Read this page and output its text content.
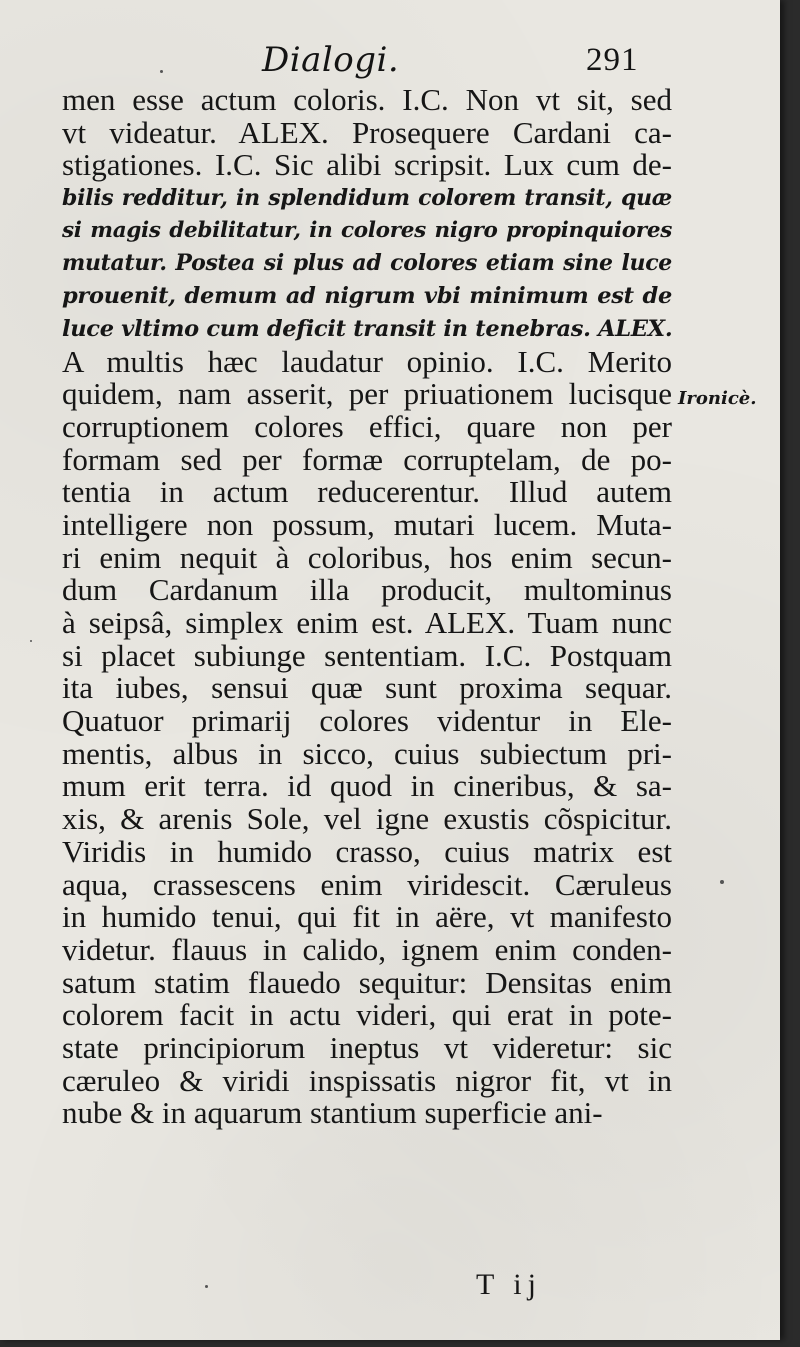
Dialogi.	291
men esse actum coloris. I.C. Non vt sit, sed
vt videatur. ALEX. Prosequere Cardani ca-
stigationes. I.C. Sic alibi scripsit. Lux cum de-
bilis redditur, in splendidum colorem transit, quæ
si magis debilitatur, in colores nigro propinquiores
mutatur. Postea si plus ad colores etiam sine luce
prouenit, demum ad nigrum vbi minimum est de
luce vltimo cum deficit transit in tenebras. ALEX.
A multis hæc laudatur opinio. I.C. Merito
quidem, nam asserit, per priuationem lucisque
corruptionem colores effici, quare non per
formam sed per formæ corruptelam, de po-
tentia in actum reducerentur. Illud autem
intelligere non possum, mutari lucem. Muta-
ri enim nequit à coloribus, hos enim secun-
dum Cardanum illa producit, multominus
à seipsâ, simplex enim est. ALEX. Tuam nunc
si placet subiunge sententiam. I.C. Postquam
ita iubes, sensui quæ sunt proxima sequar.
Quatuor primarij colores videntur in Ele-
mentis, albus in sicco, cuius subiectum pri-
mum erit terra. id quod in cineribus, & sa-
xis, & arenis Sole, vel igne exustis cõspicitur.
Viridis in humido crasso, cuius matrix est
aqua, crassescens enim viridescit. Cæruleus
in humido tenui, qui fit in aëre, vt manifesto
videtur. flauus in calido, ignem enim conden-
satum statim flauedo sequitur: Densitas enim
colorem facit in actu videri, qui erat in pote-
state principiorum ineptus vt videretur: sic
cæruleo & viridi inspissatis nigror fit, vt in
nube & in aquarum stantium superficie ani-
Ironicè.
T ij
